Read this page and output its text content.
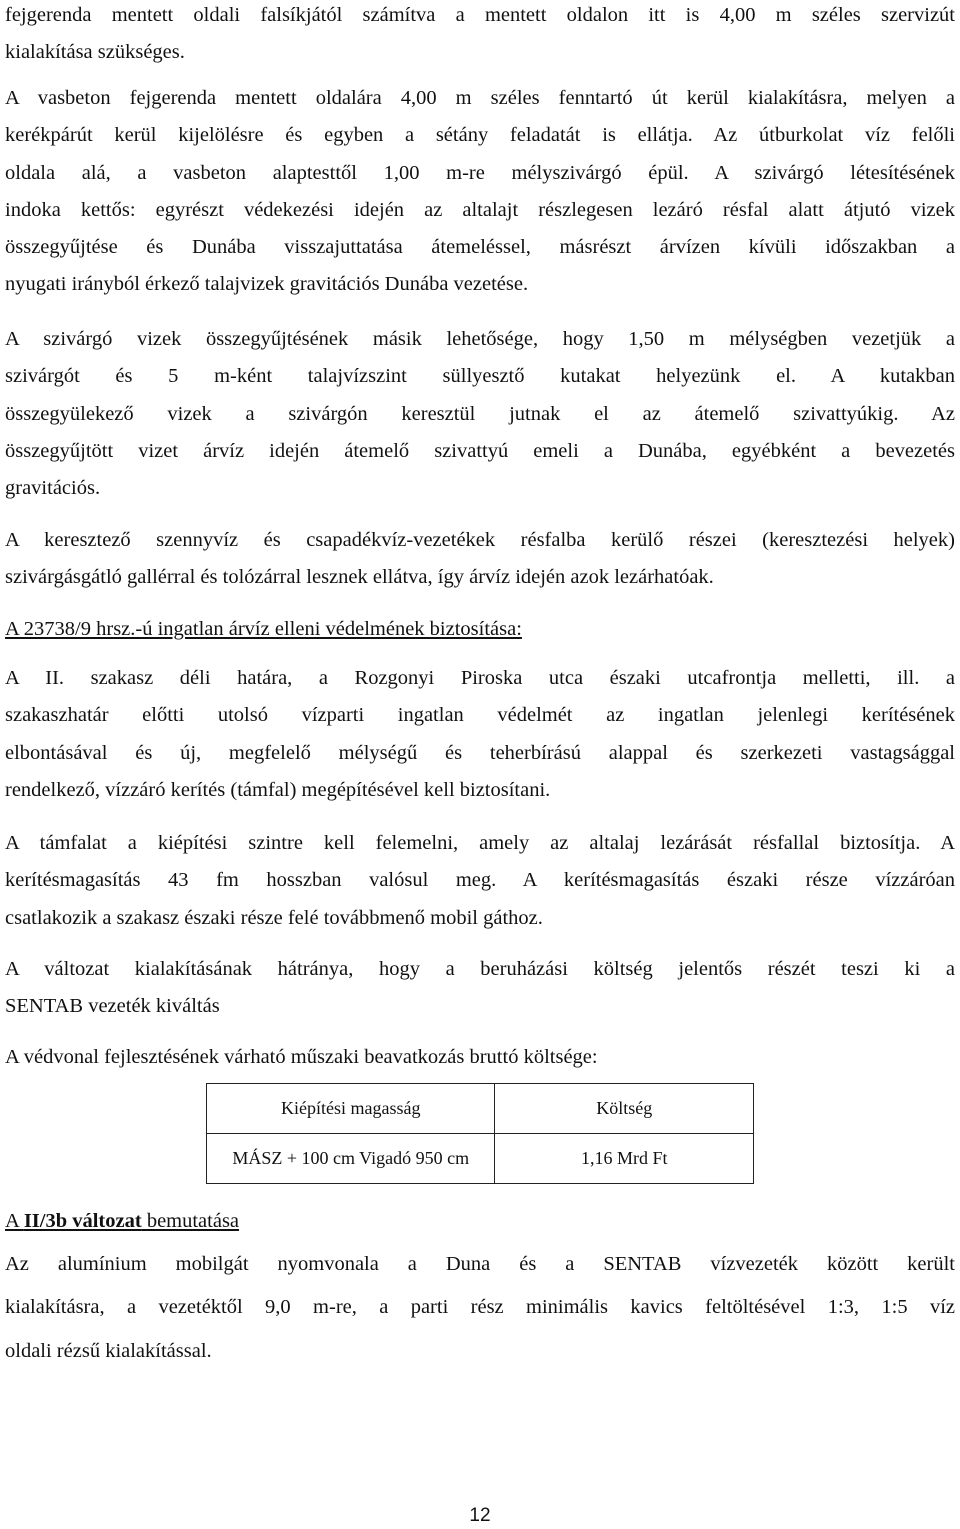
fejgerenda mentett oldali falsíkjától számítva a mentett oldalon itt is 4,00 m széles szervizút
kialakítása szükséges.
A vasbeton fejgerenda mentett oldalára 4,00 m széles fenntartó út kerül kialakításra, melyen a
kerékpárút kerül kijelölésre és egyben a sétány feladatát is ellátja. Az útburkolat víz felőli
oldala alá, a vasbeton alaptesttől 1,00 m-re mélyszivárgó épül. A szivárgó létesítésének
indoka kettős: egyrészt védekezési idején az altalajt részlegesen lezáró résfal alatt átjutó vizek
összegyűjtése és Dunába visszajuttatása átemeléssel, másrészt árvízen kívüli időszakban a
nyugati irányból érkező talajvizek gravitációs Dunába vezetése.
A szivárgó vizek összegyűjtésének másik lehetősége, hogy 1,50 m mélységben vezetjük a
szivárgót és 5 m-ként talajvízszint süllyesztő kutakat helyezünk el. A kutakban
összegyülekező vizek a szivárgón keresztül jutnak el az átemelő szivattyúkig. Az
összegyűjtött vizet árvíz idején átemelő szivattyú emeli a Dunába, egyébként a bevezetés
gravitációs.
A keresztező szennyvíz és csapadékvíz-vezetékek résfalba kerülő részei (keresztezési helyek)
szivárgásgátló gallérral és tolózárral lesznek ellátva, így árvíz idején azok lezárhatóak.
A 23738/9 hrsz.-ú ingatlan árvíz elleni védelmének biztosítása:
A II. szakasz déli határa, a Rozgonyi Piroska utca északi utcafrontja melletti, ill. a
szakaszhatár előtti utolsó vízparti ingatlan védelmét az ingatlan jelenlegi kerítésének
elbontásával és új, megfelelő mélységű és teherbírású alappal és szerkezeti vastagsággal
rendelkező, vízzáró kerítés (támfal) megépítésével kell biztosítani.
A támfalat a kiépítési szintre kell felemelni, amely az altalaj lezárását résfallal biztosítja. A
kerítésmagasítás 43 fm hosszban valósul meg. A kerítésmagasítás északi része vízzáróan
csatlakozik a szakasz északi része felé továbbmenő mobil gáthoz.
A változat kialakításának hátránya, hogy a beruházási költség jelentős részét teszi ki a
SENTAB vezeték kiváltás
A védvonal fejlesztésének várható műszaki beavatkozás bruttó költsége:
Kiépítési magasság	Költség
MÁSZ + 100 cm Vigadó 950 cm	1,16 Mrd Ft
A II/3b változat bemutatása
Az alumínium mobilgát nyomvonala a Duna és a SENTAB vízvezeték között került
kialakításra, a vezetéktől 9,0 m-re, a parti rész minimális kavics feltöltésével 1:3, 1:5 víz
oldali rézsű kialakítással.
12
